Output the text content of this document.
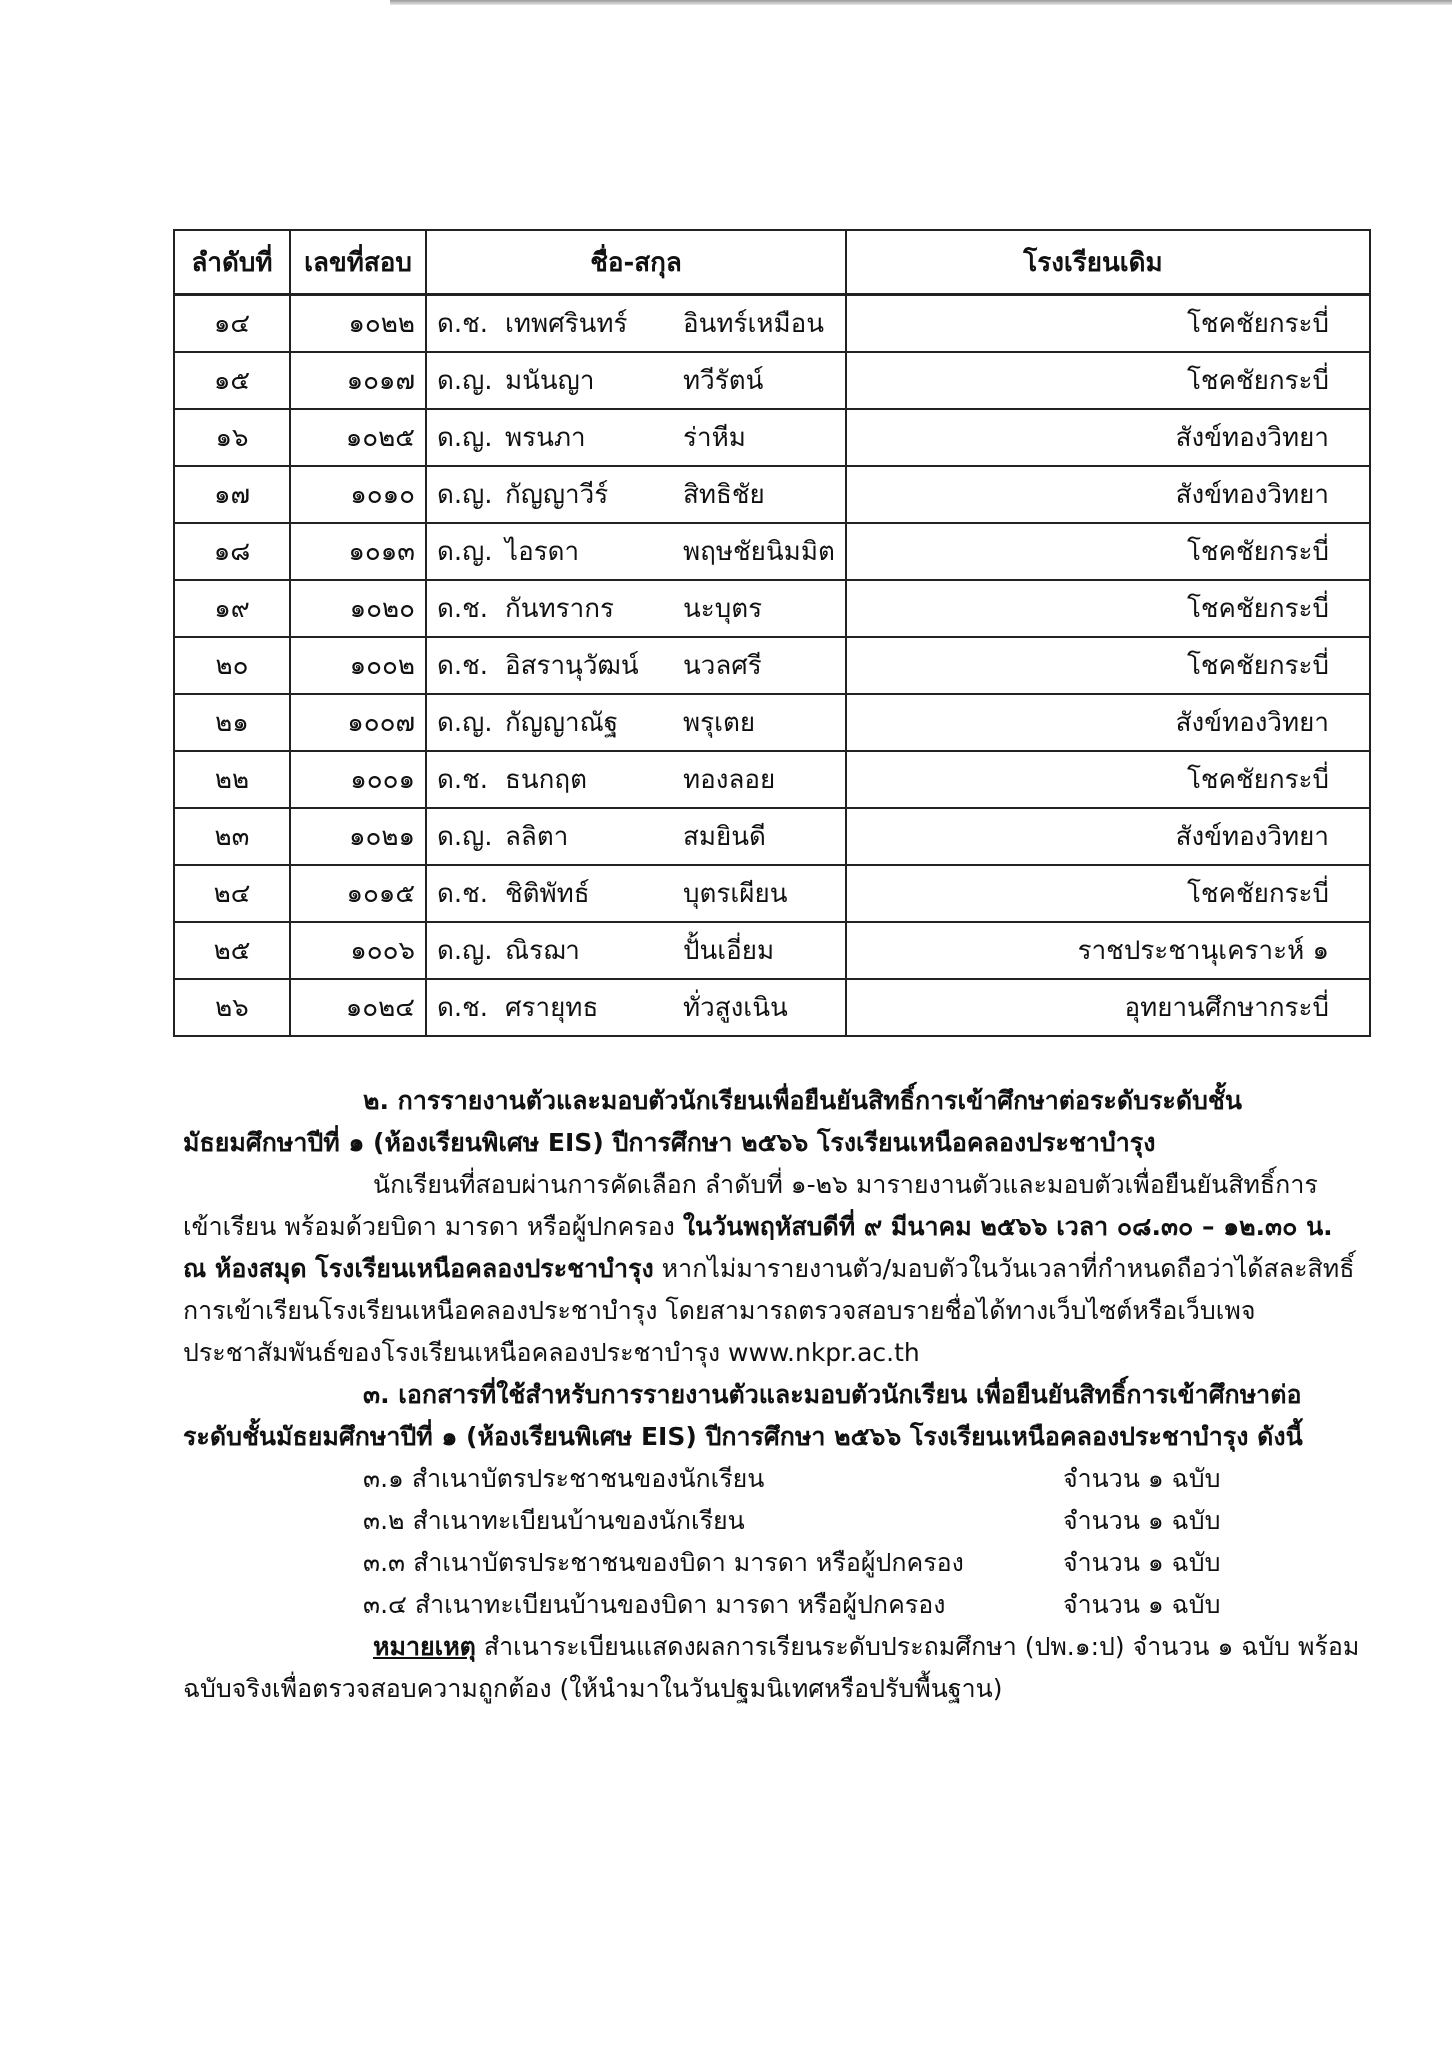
ลำดับที่	เลขที่สอบ	ชื่อ-สกุล	โรงเรียนเดิม
๑๔	๑๐๒๒	ด.ช. เทพศรินทร์ อินทร์เหมือน	โชคชัยกระบี่
๑๕	๑๐๑๗	ด.ญ. มนันญา ทวีรัตน์	โชคชัยกระบี่
๑๖	๑๐๒๕	ด.ญ. พรนภา ร่าหีม	สังข์ทองวิทยา
๑๗	๑๐๑๐	ด.ญ. กัญญาวีร์ สิทธิชัย	สังข์ทองวิทยา
๑๘	๑๐๑๓	ด.ญ. ไอรดา พฤษชัยนิมมิต	โชคชัยกระบี่
๑๙	๑๐๒๐	ด.ช. กันทรากร นะบุตร	โชคชัยกระบี่
๒๐	๑๐๐๒	ด.ช. อิสรานุวัฒน์ นวลศรี	โชคชัยกระบี่
๒๑	๑๐๐๗	ด.ญ. กัญญาณัฐ พรุเตย	สังข์ทองวิทยา
๒๒	๑๐๐๑	ด.ช. ธนกฤต ทองลอย	โชคชัยกระบี่
๒๓	๑๐๒๑	ด.ญ. ลลิตา สมยินดี	สังข์ทองวิทยา
๒๔	๑๐๑๕	ด.ช. ชิติพัทธ์ บุตรเผียน	โชคชัยกระบี่
๒๕	๑๐๐๖	ด.ญ. ณิรฌา ปั้นเอี่ยม	ราชประชานุเคราะห์ ๑
๒๖	๑๐๒๔	ด.ช. ศรายุทธ ทั่วสูงเนิน	อุทยานศึกษากระบี่

๒. การรายงานตัวและมอบตัวนักเรียนเพื่อยืนยันสิทธิ์การเข้าศึกษาต่อระดับระดับชั้น

มัธยมศึกษาปีที่ ๑ (ห้องเรียนพิเศษ EIS) ปีการศึกษา ๒๕๖๖ โรงเรียนเหนือคลองประชาบำรุง

นักเรียนที่สอบผ่านการคัดเลือก ลำดับที่ ๑-๒๖ มารายงานตัวและมอบตัวเพื่อยืนยันสิทธิ์การ

เข้าเรียน พร้อมด้วยบิดา มารดา หรือผู้ปกครอง ในวันพฤหัสบดีที่ ๙ มีนาคม ๒๕๖๖ เวลา ๐๘.๓๐ – ๑๒.๓๐ น.

ณ ห้องสมุด โรงเรียนเหนือคลองประชาบำรุง หากไม่มารายงานตัว/มอบตัวในวันเวลาที่กำหนดถือว่าได้สละสิทธิ์

การเข้าเรียนโรงเรียนเหนือคลองประชาบำรุง โดยสามารถตรวจสอบรายชื่อได้ทางเว็บไซต์หรือเว็บเพจ

ประชาสัมพันธ์ของโรงเรียนเหนือคลองประชาบำรุง www.nkpr.ac.th

๓. เอกสารที่ใช้สำหรับการรายงานตัวและมอบตัวนักเรียน เพื่อยืนยันสิทธิ์การเข้าศึกษาต่อ

ระดับชั้นมัธยมศึกษาปีที่ ๑ (ห้องเรียนพิเศษ EIS) ปีการศึกษา ๒๕๖๖ โรงเรียนเหนือคลองประชาบำรุง ดังนี้

๓.๑ สำเนาบัตรประชาชนของนักเรียน	จำนวน ๑ ฉบับ
๓.๒ สำเนาทะเบียนบ้านของนักเรียน	จำนวน ๑ ฉบับ
๓.๓ สำเนาบัตรประชาชนของบิดา มารดา หรือผู้ปกครอง	จำนวน ๑ ฉบับ
๓.๔ สำเนาทะเบียนบ้านของบิดา มารดา หรือผู้ปกครอง	จำนวน ๑ ฉบับ

หมายเหตุ สำเนาระเบียนแสดงผลการเรียนระดับประถมศึกษา (ปพ.๑:ป) จำนวน ๑ ฉบับ พร้อม

ฉบับจริงเพื่อตรวจสอบความถูกต้อง (ให้นำมาในวันปฐมนิเทศหรือปรับพื้นฐาน)
